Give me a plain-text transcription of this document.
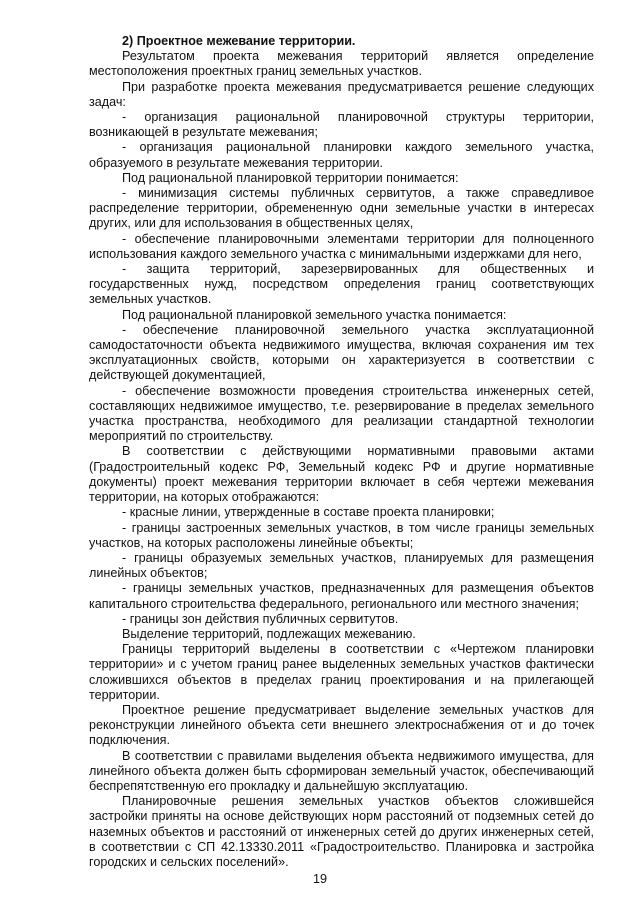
2) Проектное межевание территории.

Результатом проекта межевания территорий является определение местоположения проектных границ земельных участков.

При разработке проекта межевания предусматривается решение следующих задач:

- организация рациональной планировочной структуры территории, возникающей в результате межевания;

- организация рациональной планировки каждого земельного участка, образуемого в результате межевания территории.

Под рациональной планировкой территории понимается:

- минимизация системы публичных сервитутов, а также справедливое распределение территории, обремененную одни земельные участки в интересах других, или для использования в общественных целях,

- обеспечение планировочными элементами территории для полноценного использования каждого земельного участка с минимальными издержками для него,

- защита территорий, зарезервированных для общественных и государственных нужд, посредством определения границ соответствующих земельных участков.

Под рациональной планировкой земельного участка понимается:

- обеспечение планировочной земельного участка эксплуатационной самодостаточности объекта недвижимого имущества, включая сохранения им тех эксплуатационных свойств, которыми он характеризуется в соответствии с действующей документацией,

- обеспечение возможности проведения строительства инженерных сетей, составляющих недвижимое имущество, т.е. резервирование в пределах земельного участка пространства, необходимого для реализации стандартной технологии мероприятий по строительству.

В соответствии с действующими нормативными правовыми актами (Градостроительный кодекс РФ, Земельный кодекс РФ и другие нормативные документы) проект межевания территории включает в себя чертежи межевания территории, на которых отображаются:

- красные линии, утвержденные в составе проекта планировки;

- границы застроенных земельных участков, в том числе границы земельных участков, на которых расположены линейные объекты;

- границы образуемых земельных участков, планируемых для размещения линейных объектов;

- границы земельных участков, предназначенных для размещения объектов капитального строительства федерального, регионального или местного значения;

- границы зон действия публичных сервитутов.

Выделение территорий, подлежащих межеванию.

Границы территорий выделены в соответствии с «Чертежом планировки территории» и с учетом границ ранее выделенных земельных участков фактически сложившихся объектов в пределах границ проектирования и на прилегающей территории.

Проектное решение предусматривает выделение земельных участков для реконструкции линейного объекта сети внешнего электроснабжения от и до точек подключения.

В соответствии с правилами выделения объекта недвижимого имущества, для линейного объекта должен быть сформирован земельный участок, обеспечивающий беспрепятственную его прокладку и дальнейшую эксплуатацию.

Планировочные решения земельных участков объектов сложившейся застройки приняты на основе действующих норм расстояний от подземных сетей до наземных объектов и расстояний от инженерных сетей до других инженерных сетей, в соответствии с СП 42.13330.2011 «Градостроительство. Планировка и застройка городских и сельских поселений».

19
